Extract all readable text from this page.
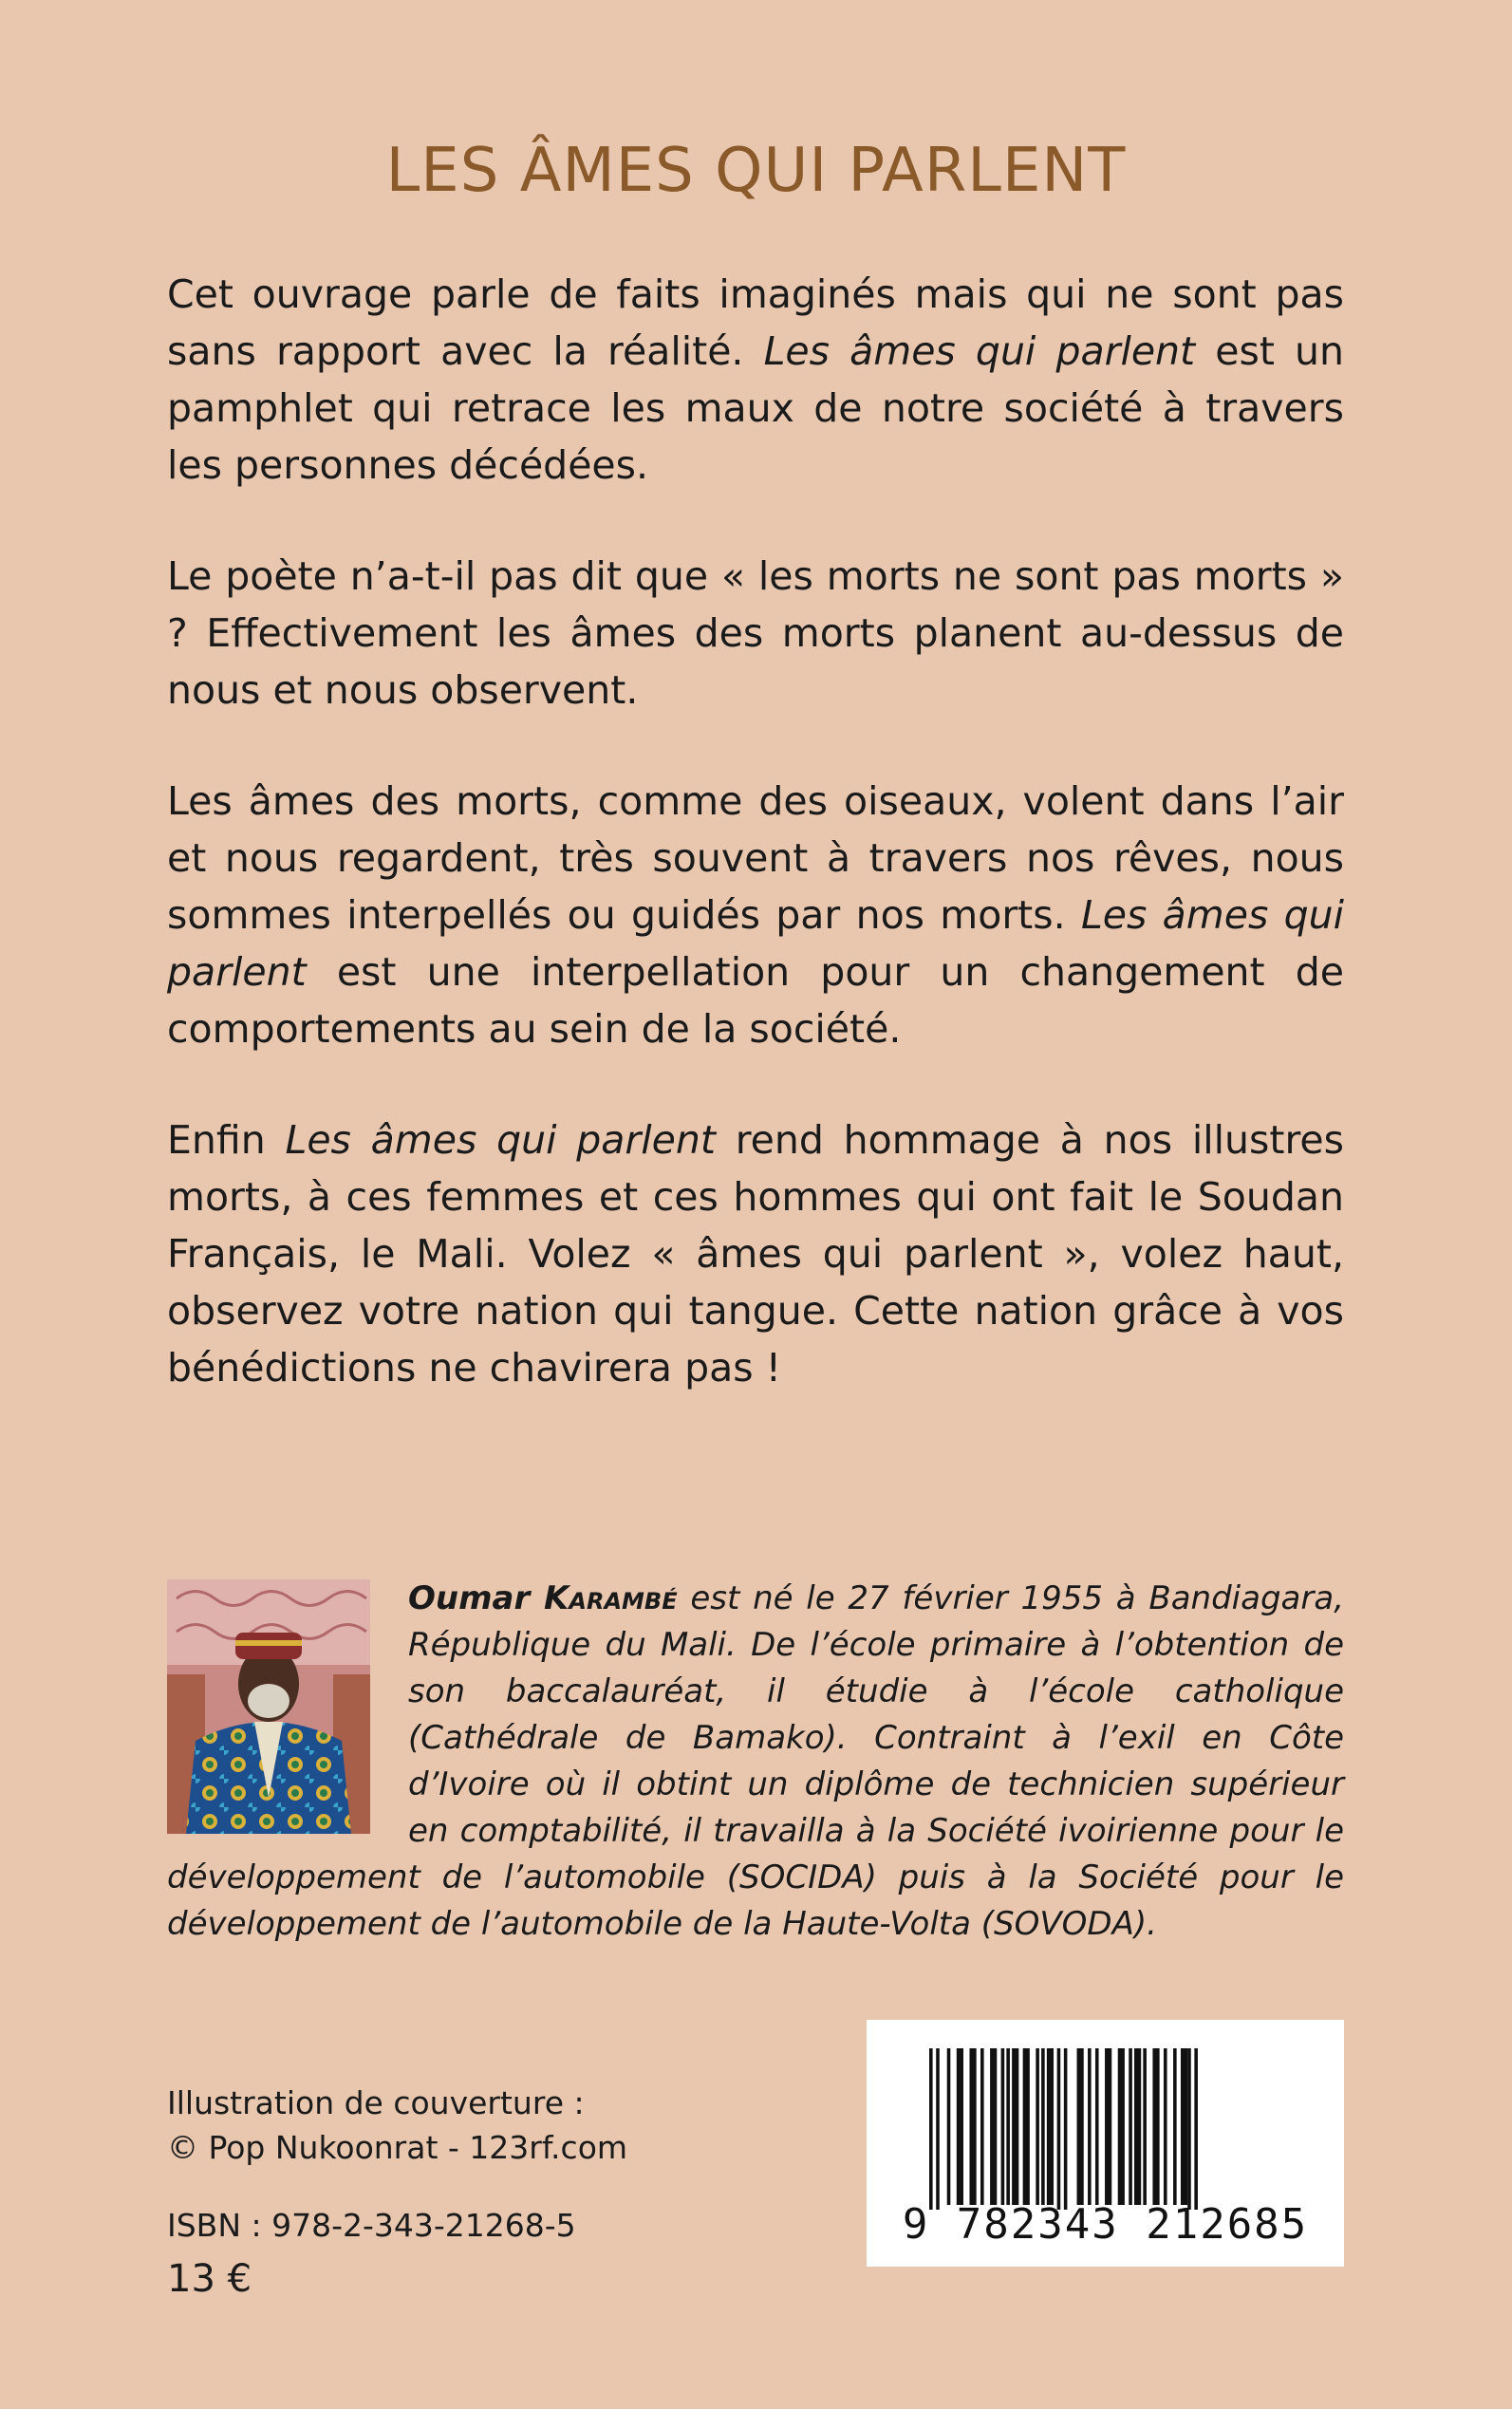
LES ÂMES QUI PARLENT

Cet ouvrage parle de faits imaginés mais qui ne sont pas sans rapport avec la réalité. Les âmes qui parlent est un pamphlet qui retrace les maux de notre société à travers les personnes décédées.

Le poète n’a-t-il pas dit que « les morts ne sont pas morts » ? Effectivement les âmes des morts planent au-dessus de nous et nous observent.

Les âmes des morts, comme des oiseaux, volent dans l’air et nous regardent, très souvent à travers nos rêves, nous sommes interpellés ou guidés par nos morts. Les âmes qui parlent est une interpellation pour un changement de comportements au sein de la société.

Enfin Les âmes qui parlent rend hommage à nos illustres morts, à ces femmes et ces hommes qui ont fait le Soudan Français, le Mali. Volez « âmes qui parlent », volez haut, observez votre nation qui tangue. Cette nation grâce à vos bénédictions ne chavirera pas !

Oumar Karambé est né le 27 février 1955 à Bandiagara, République du Mali. De l’école primaire à l’obtention de son baccalauréat, il étudie à l’école catholique (Cathédrale de Bamako). Contraint à l’exil en Côte d’Ivoire où il obtint un diplôme de technicien supérieur en comptabilité, il travailla à la Société ivoirienne pour le développement de l’automobile (SOCIDA) puis à la Société pour le développement de l’automobile de la Haute-Volta (SOVODA).
Illustration de couverture :
© Pop Nukoonrat - 123rf.com
ISBN : 978-2-343-21268-5
13 €
9 782343 212685
